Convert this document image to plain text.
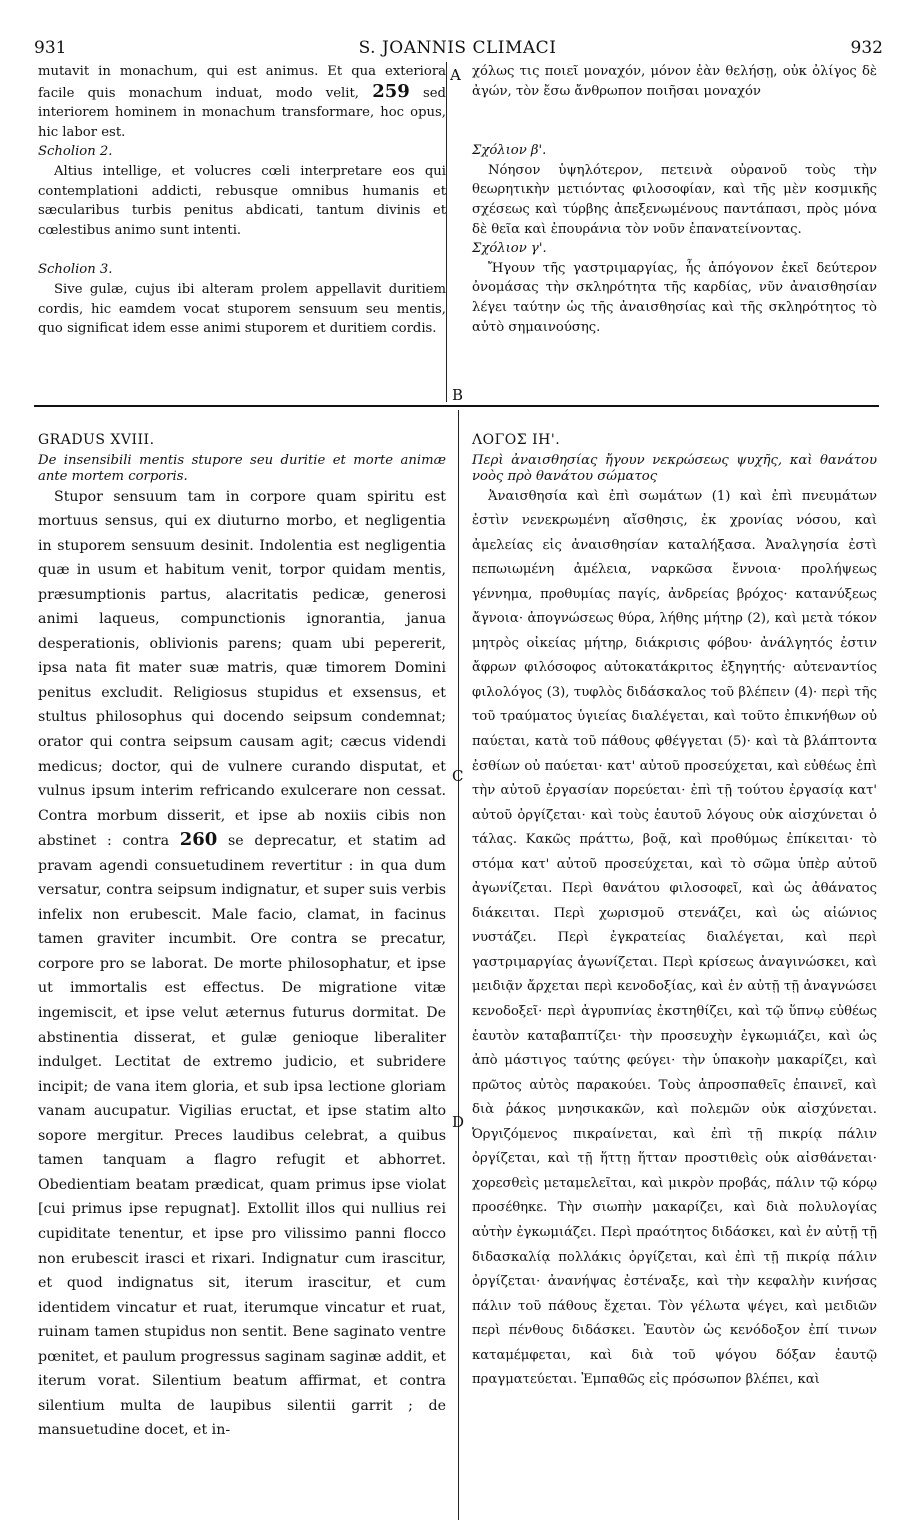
931	S. JOANNIS CLIMACI	932
A
B
C
D

mutavit in monachum, qui est animus. Et qua exteriora facile quis monachum induat, modo velit, 259 sed interiorem hominem in monachum transformare, hoc opus, hic labor est.

Scholion 2.

Altius intellige, et volucres cœli interpretare eos qui contemplationi addicti, rebusque omnibus humanis et sæcularibus turbis penitus abdicati, tantum divinis et cœlestibus animo sunt intenti.

Scholion 3.

Sive gulæ, cujus ibi alteram prolem appellavit duritiem cordis, hic eamdem vocat stuporem sensuum seu mentis, quo significat idem esse animi stuporem et duritiem cordis.

χόλως τις ποιεῖ μοναχόν, μόνον ἐὰν θελήσῃ, οὐκ ὀλίγος δὲ ἀγών, τὸν ἔσω ἄνθρωπον ποιῆσαι μοναχόν

Σχόλιον β'.

Νόησον ὑψηλότερον, πετεινὰ οὐρανοῦ τοὺς τὴν θεωρητικὴν μετιόντας φιλοσοφίαν, καὶ τῆς μὲν κοσμικῆς σχέσεως καὶ τύρβης ἀπεξενωμένους παντάπασι, πρὸς μόνα δὲ θεῖα καὶ ἐπουράνια τὸν νοῦν ἐπανατείνοντας.

Σχόλιον γ'.

Ἤγουν τῆς γαστριμαργίας, ἧς ἀπόγονον ἐκεῖ δεύτερον ὀνομάσας τὴν σκληρότητα τῆς καρδίας, νῦν ἀναισθησίαν λέγει ταύτην ὡς τῆς ἀναισθησίας καὶ τῆς σκληρότητος τὸ αὐτὸ σημαινούσης.

GRADUS XVIII.

De insensibili mentis stupore seu duritie et morte animæ ante mortem corporis.

Stupor sensuum tam in corpore quam spiritu est mortuus sensus, qui ex diuturno morbo, et negligentia in stuporem sensuum desinit. Indolentia est negligentia quæ in usum et habitum venit, torpor quidam mentis, præsumptionis partus, alacritatis pedicæ, generosi animi laqueus, compunctionis ignorantia, janua desperationis, oblivionis parens; quam ubi pepererit, ipsa nata fit mater suæ matris, quæ timorem Domini penitus excludit. Religiosus stupidus et exsensus, et stultus philosophus qui docendo seipsum condemnat; orator qui contra seipsum causam agit; cæcus videndi medicus; doctor, qui de vulnere curando disputat, et vulnus ipsum interim refricando exulcerare non cessat. Contra morbum disserit, et ipse ab noxiis cibis non abstinet : contra 260 se deprecatur, et statim ad pravam agendi consuetudinem revertitur : in qua dum versatur, contra seipsum indignatur, et super suis verbis infelix non erubescit. Male facio, clamat, in facinus tamen graviter incumbit. Ore contra se precatur, corpore pro se laborat. De morte philosophatur, et ipse ut immortalis est effectus. De migratione vitæ ingemiscit, et ipse velut æternus futurus dormitat. De abstinentia disserat, et gulæ genioque liberaliter indulget. Lectitat de extremo judicio, et subridere incipit; de vana item gloria, et sub ipsa lectione gloriam vanam aucupatur. Vigilias eructat, et ipse statim alto sopore mergitur. Preces laudibus celebrat, a quibus tamen tanquam a flagro refugit et abhorret. Obedientiam beatam prædicat, quam primus ipse violat [cui primus ipse repugnat]. Extollit illos qui nullius rei cupiditate tenentur, et ipse pro vilissimo panni flocco non erubescit irasci et rixari. Indignatur cum irascitur, et quod indignatus sit, iterum irascitur, et cum identidem vincatur et ruat, iterumque vincatur et ruat, ruinam tamen stupidus non sentit. Bene saginato ventre pœnitet, et paulum progressus saginam saginæ addit, et iterum vorat. Silentium beatum affirmat, et contra silentium multa de laupibus silentii garrit ; de mansuetudine docet, et in-

ΛΟΓΟΣ ΙΗ'.

Περὶ ἀναισθησίας ἤγουν νεκρώσεως ψυχῆς, καὶ θανάτου νοὸς πρὸ θανάτου σώματος

Ἀναισθησία καὶ ἐπὶ σωμάτων (1) καὶ ἐπὶ πνευμάτων ἐστὶν νενεκρωμένη αἴσθησις, ἐκ χρονίας νόσου, καὶ ἀμελείας εἰς ἀναισθησίαν καταλήξασα. Ἀναλγησία ἐστὶ πεπωιωμένη ἀμέλεια, ναρκῶσα ἔννοια· προλήψεως γέννημα, προθυμίας παγίς, ἀνδρείας βρόχος· κατανύξεως ἄγνοια· ἀπογνώσεως θύρα, λήθης μήτηρ (2), καὶ μετὰ τόκον μητρὸς οἰκείας μήτηρ, διάκρισις φόβου· ἀνάλγητός ἐστιν ἄφρων φιλόσοφος αὐτοκατάκριτος ἐξηγητής· αὐτεναντίος φιλολόγος (3), τυφλὸς διδάσκαλος τοῦ βλέπειν (4)· περὶ τῆς τοῦ τραύματος ὑγιείας διαλέγεται, καὶ τοῦτο ἐπικνήθων οὐ παύεται, κατὰ τοῦ πάθους φθέγγεται (5)· καὶ τὰ βλάπτοντα ἐσθίων οὐ παύεται· κατ' αὐτοῦ προσεύχεται, καὶ εὐθέως ἐπὶ τὴν αὐτοῦ ἐργασίαν πορεύεται· ἐπὶ τῇ τούτου ἐργασίᾳ κατ' αὐτοῦ ὀργίζεται· καὶ τοὺς ἑαυτοῦ λόγους οὐκ αἰσχύνεται ὁ τάλας. Κακῶς πράττω, βοᾷ, καὶ προθύμως ἐπίκειται· τὸ στόμα κατ' αὐτοῦ προσεύχεται, καὶ τὸ σῶμα ὑπὲρ αὐτοῦ ἀγωνίζεται. Περὶ θανάτου φιλοσοφεῖ, καὶ ὡς ἀθάνατος διάκειται. Περὶ χωρισμοῦ στενάζει, καὶ ὡς αἰώνιος νυστάζει. Περὶ ἐγκρατείας διαλέγεται, καὶ περὶ γαστριμαργίας ἀγωνίζεται. Περὶ κρίσεως ἀναγινώσκει, καὶ μειδιᾷν ἄρχεται περὶ κενοδοξίας, καὶ ἐν αὐτῇ τῇ ἀναγνώσει κενοδοξεῖ· περὶ ἀγρυπνίας ἐκστηθίζει, καὶ τῷ ὕπνῳ εὐθέως ἑαυτὸν καταβαπτίζει· τὴν προσευχὴν ἐγκωμιάζει, καὶ ὡς ἀπὸ μάστιγος ταύτης φεύγει· τὴν ὑπακοὴν μακαρίζει, καὶ πρῶτος αὐτὸς παρακούει. Τοὺς ἀπροσπαθεῖς ἐπαινεῖ, καὶ διὰ ῥάκος μνησικακῶν, καὶ πολεμῶν οὐκ αἰσχύνεται. Ὀργιζόμενος πικραίνεται, καὶ ἐπὶ τῇ πικρίᾳ πάλιν ὀργίζεται, καὶ τῇ ἥττῃ ἥτταν προστιθεὶς οὐκ αἰσθάνεται· χορεσθεὶς μεταμελεῖται, καὶ μικρὸν προβάς, πάλιν τῷ κόρῳ προσέθηκε. Τὴν σιωπὴν μακαρίζει, καὶ διὰ πολυλογίας αὐτὴν ἐγκωμιάζει. Περὶ πραότητος διδάσκει, καὶ ἐν αὐτῇ τῇ διδασκαλίᾳ πολλάκις ὀργίζεται, καὶ ἐπὶ τῇ πικρίᾳ πάλιν ὀργίζεται· ἀνανήψας ἐστέναξε, καὶ τὴν κεφαλὴν κινήσας πάλιν τοῦ πάθους ἔχεται. Τὸν γέλωτα ψέγει, καὶ μειδιῶν περὶ πένθους διδάσκει. Ἑαυτὸν ὡς κενόδοξον ἐπί τινων καταμέμφεται, καὶ διὰ τοῦ ψόγου δόξαν ἑαυτῷ πραγματεύεται. Ἐμπαθῶς εἰς πρόσωπον βλέπει, καὶ
